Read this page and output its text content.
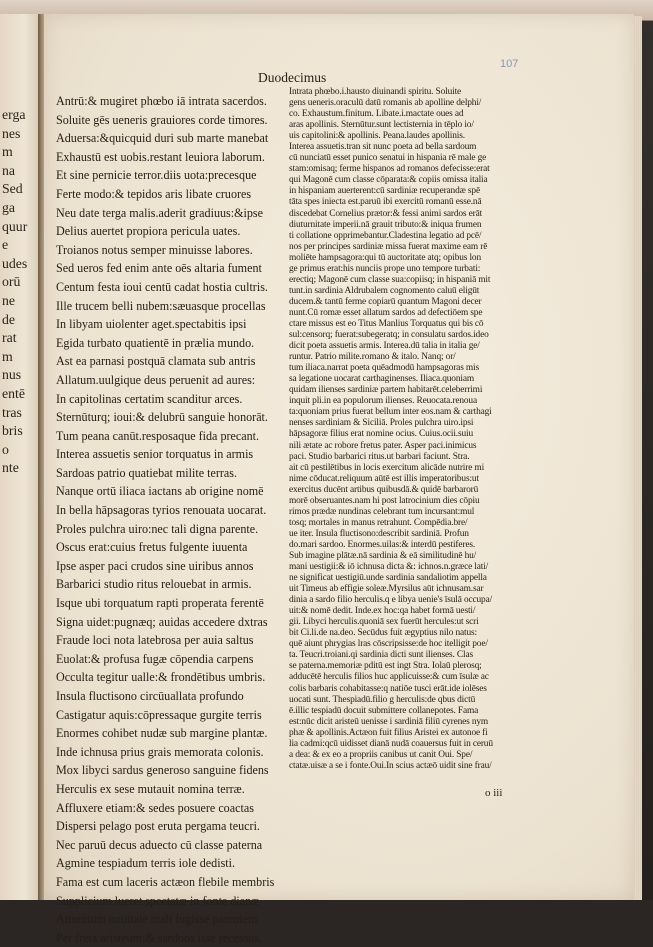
erga
nes
m
na
Sed
ga
quur
e
udes
orū
ne
de
rat
m
nus
entē
tras
bris
o
nte
107
Duodecimus
Antrū:& mugiret phœbo iā intrata sacerdos.
Soluite gēs ueneris grauiores corde timores.
Aduersa:&quicquid duri sub marte manebat
Exhaustū est uobis.restant leuiora laborum.
Et sine pernicie terror.diis uota:precesque
Ferte modo:& tepidos aris libate cruores
Neu date terga malis.aderit gradiuus:&ipse
Delius auertet propiora pericula uates.
Troianos notus semper minuisse labores.
Sed ueros fed enim ante oēs altaria fument
Centum festa ioui centū cadat hostia cultris.
Ille trucem belli nubem:sæuasque procellas
In libyam uiolenter aget.spectabitis ipsi
Egida turbato quatientē in prælia mundo.
Ast ea parnasi postquā clamata sub antris
Allatum.uulgique deus peruenit ad aures:
In capitolinas certatim scanditur arces.
Sternūturq; ioui:& delubrū sanguie honorāt.
Tum peana canūt.resposaque fida precant.
Interea assuetis senior torquatus in armis
Sardoas patrio quatiebat milite terras.
Nanque ortū iliaca iactans ab origine nomē
In bella hāpsagoras tyrios renouata uocarat.
Proles pulchra uiro:nec tali digna parente.
Oscus erat:cuius fretus fulgente iuuenta
Ipse asper paci crudos sine uiribus annos
Barbarici studio ritus relouebat in armis.
Isque ubi torquatum rapti properata ferentē
Signa uidet:pugnæq; auidas accedere dxtras
Fraude loci nota latebrosa per auia saltus
Euolat:& profusa fugæ cōpendia carpens
Occulta tegitur ualle:& frondētibus umbris.
Insula fluctisono circūuallata profundo
Castigatur aquis:cōpressaque gurgite terris
Enormes cohibet nudæ sub margine plantæ.
Inde ichnusa prius grais memorata colonis.
Mox libyci sardus generoso sanguine fidens
Herculis ex sese mutauit nomina terræ.
Affluxere etiam:& sedes posuere coactas
Dispersi pelago post eruta pergama teucri.
Nec paruū decus aduecto cū classe paterna
Agmine tespiadum terris iole dedisti.
Fama est cum laceris actæon flebile membris
Supplicium lueret spectatæ in fonte dianæ
Attonitum nouitate mali fugisse parentem
Per freta aristeum:& sardoos isse recessus.
Intrata phœbo.i.hausto diuinandi spiritu. Soluite
gens ueneris.oraculū datū romanis ab apolline delphi/
co. Exhaustum.finitum. Libate.i.mactate oues ad
aras apollinis. Sternūtur.sunt lectisternia in tēplo io/
uis capitolini:& apollinis. Peana.laudes apollinis.
Interea assuetis.tran sit nunc poeta ad bella sardoum
cū nunciatū esset punico senatui in hispania rē male ge
stam:omisaq; ferme hispanos ad romanos defecisse:erat
qui Magonē cum classe cōparata:& copiis omissa italia
in hispaniam auerterent:cū sardiniæ recuperandæ spē
tāta spes iniecta est.paruū ibi exercitū romanū esse.nā
discedebat Cornelius prætor:& fessi animi sardos erāt
diuturnitate imperii.nā grauit tributo:& iniqua frumen
ti collatione opprimebantur.Cladestina legatio ad pcē/
nos per principes sardiniæ missa fuerat maxime eam rē
moliēte hampsagora:qui tū auctoritate atq; opibus lon
ge primus erat:his nunciis prope uno tempore turbati:
erectiq; Magonē cum classe sua:copiisq; in hispaniā mit
tunt.in sardinia Aldrubalem cognomento caluū eligūt
ducem.& tantū ferme copiarū quantum Magoni decer
nunt.Cū romæ esset allatum sardos ad defectiōem spe
ctare missus est eo Titus Manlius Torquatus qui bis cō
sul:censorq; fuerat:subegeratq; in consulatu sardos.ideo
dicit poeta assuetis armis. Interea.dū talia in italia ge/
runtur. Patrio milite.romano & italo. Nanq; or/
tum iliaca.narrat poeta quēadmodū hampsagoras mis
sa legatione uocarat carthaginenses. Iliaca.quoniam
quidam ilienses sardiniæ partem habitarēt.celeberrimi
inquit pli.in ea populorum ilienses. Reuocata.renoua
ta:quoniam prius fuerat bellum inter eos.nam & carthagi
nenses sardiniam & Siciliā. Proles pulchra uiro.ipsi
hāpsagoræ filius erat nomine ocius. Cuius.ocii.suiu
nili ætate ac robore fretus pater. Asper paci.inimicus
paci. Studio barbarici ritus.ut barbari faciunt. Stra.
ait cū pestilētibus in locis exercitum alicāde nutrire mi
nime cōducat.reliquum aūtē est illis imperatoribus:ut
exercitus ducēnt artibus quibusdā.& quidē barbarorū
morē obseruantes.nam hi post latrocinium dies cōpiu
rimos prædæ nundinas celebrant tum incursant:mul
tosq; mortales in manus retrahunt. Compēdia.bre/
ue iter. Insula fluctisono:describit sardiniā. Profun
do.mari sardoo. Enormes.uilas:& interdū pestiferes.
Sub imagine plātæ.nā sardinia & eā similitudinē hu/
mani uestigii:& iō ichnusa dicta &: ichnos.n.græce lati/
ne significat uestigiū.unde sardinia sandaliotim appella
uit Timeus ab effigie soleæ.Myrsilus aūt ichnusam.sar
dinia a sardo filio herculis.q e libya uenie's īsulā occupa/
uit:& nomē dedit. Inde.ex hoc:qa habet formā uesti/
gii. Libyci herculis.quoniā sex fuerūt hercules:ut scri
bit Ci.li.de na.deo. Secūdus fuit ægyptius nilo natus:
quē aiunt phrygias lras cōscripsisse:de hoc itelligit poe/
ta. Teucri.troiani.qi sardinia dicti sunt ilienses. Clas
se paterna.memoriæ pditū est ingt Stra. Iolaū plerosq;
adducētē herculis filios huc applicuisse:& cum īsulæ ac
colis barbaris cohabitasse:q natiōe tusci erāt.ide iolēses
uocati sunt. Thespiadū.filio g herculis:de qbus dictū
ē.illic tespiadū docuit submittere collanepotes. Fama
est:nūc dicit aristeū uenisse i sardiniā filiū cyrenes nym
phæ & apollinis.Actæon fuit filius Aristei ex autonoe fi
lia cadmi:qcū uidisset dianā nudā coauersus fuit in ceruū
a dea: & ex eo a propriis canibus ut canit Oui. Spe/
ctatæ.uisæ a se i fonte.Oui.In scius actæō uidit sine frau/
o iii
